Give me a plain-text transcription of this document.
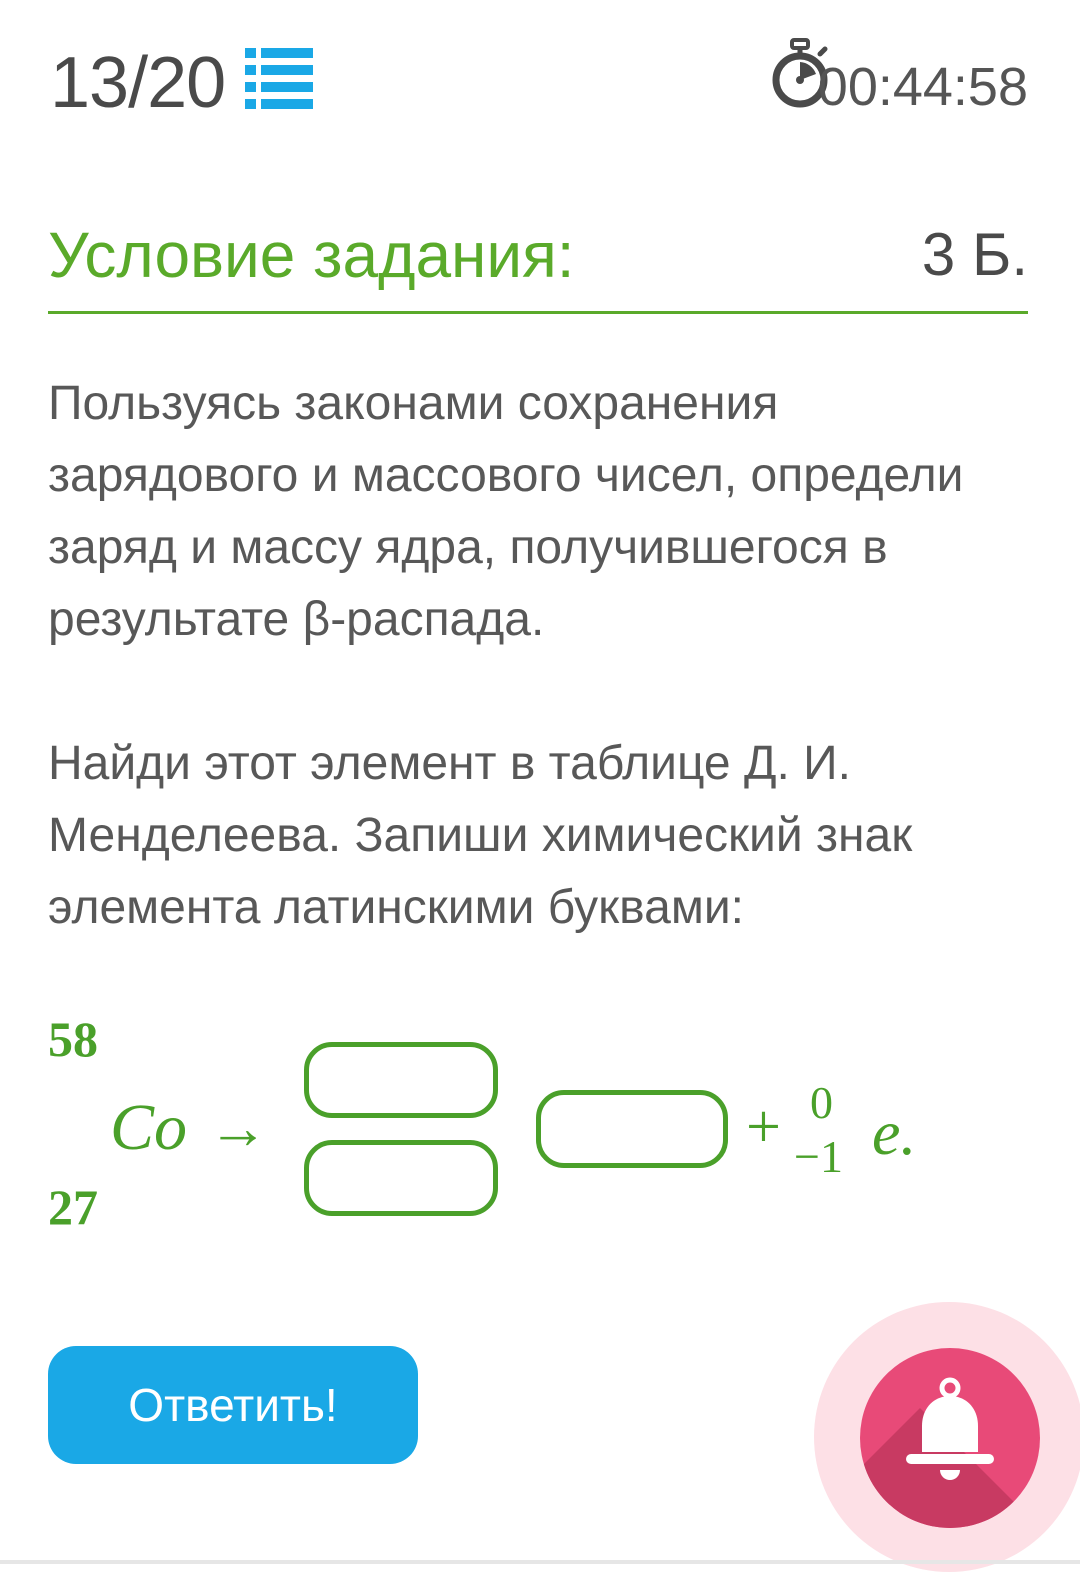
13/20	00:44:58
Условие задания:	3 Б.

Пользуясь законами сохранения зарядового и массового чисел, определи заряд и массу ядра, получившегося в результате β-распада.

Найди этот элемент в таблице Д. И. Менделеева. Запиши химический знак элемента латинскими буквами:

58
27
Co →	+ 0
−1 e.
Ответить!
